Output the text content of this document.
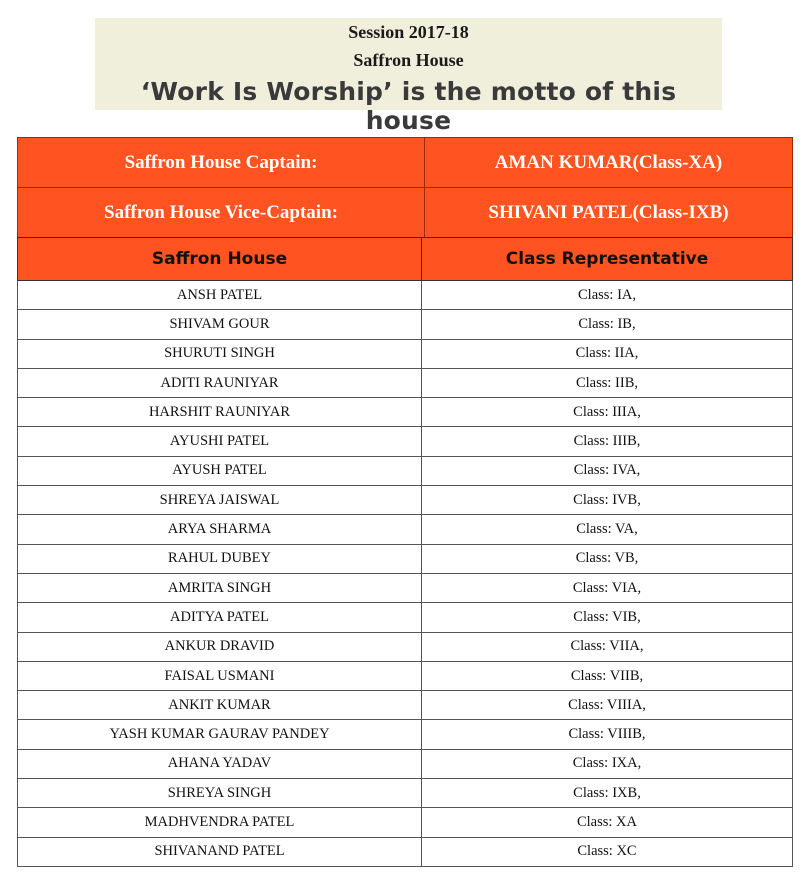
Session 2017-18
Saffron House
‘Work Is Worship’ is the motto of this house
Saffron House Captain:	AMAN KUMAR(Class-XA)
Saffron House Vice-Captain:	SHIVANI PATEL(Class-IXB)
Saffron House	Class Representative
ANSH PATEL	Class: IA,
SHIVAM GOUR	Class: IB,
SHURUTI SINGH	Class: IIA,
ADITI RAUNIYAR	Class: IIB,
HARSHIT RAUNIYAR	Class: IIIA,
AYUSHI PATEL	Class: IIIB,
AYUSH PATEL	Class: IVA,
SHREYA JAISWAL	Class: IVB,
ARYA SHARMA	Class: VA,
RAHUL DUBEY	Class: VB,
AMRITA SINGH	Class: VIA,
ADITYA PATEL	Class: VIB,
ANKUR DRAVID	Class: VIIA,
FAISAL USMANI	Class: VIIB,
ANKIT KUMAR	Class: VIIIA,
YASH KUMAR GAURAV PANDEY	Class: VIIIB,
AHANA YADAV	Class: IXA,
SHREYA SINGH	Class: IXB,
MADHVENDRA PATEL	Class: XA
SHIVANAND PATEL	Class: XC
